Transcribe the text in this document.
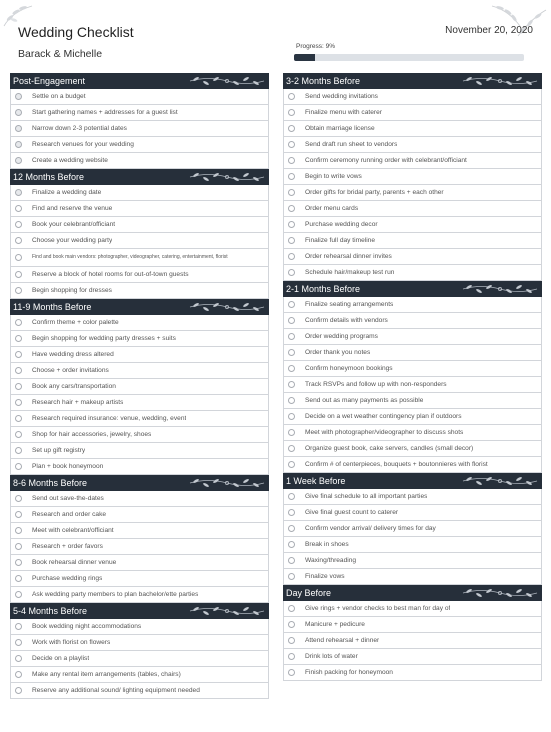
Wedding Checklist
Barack & Michelle
November 20, 2020
Progress: 9%
Post-Engagement
Settle on a budget
Start gathering names + addresses for a guest list
Narrow down 2-3 potential dates
Research venues for your wedding
Create a wedding website
12 Months Before
Finalize a wedding date
Find and reserve the venue
Book your celebrant/officiant
Choose your wedding party
Find and book main vendors: photographer, videographer, catering, entertainment, florist
Reserve a block of hotel rooms for out-of-town guests
Begin shopping for dresses
11-9 Months Before
Confirm theme + color palette
Begin shopping for wedding party dresses + suits
Have wedding dress altered
Choose + order invitations
Book any cars/transportation
Research hair + makeup artists
Research required insurance: venue, wedding, event
Shop for hair accessories, jewelry, shoes
Set up gift registry
Plan + book honeymoon
8-6 Months Before
Send out save-the-dates
Research and order cake
Meet with celebrant/officiant
Research + order favors
Book rehearsal dinner venue
Purchase wedding rings
Ask wedding party members to plan bachelor/ette parties
5-4 Months Before
Book wedding night accommodations
Work with florist on flowers
Decide on a playlist
Make any rental item arrangements (tables, chairs)
Reserve any additional sound/ lighting equipment needed
3-2 Months Before
Send wedding invitations
Finalize menu with caterer
Obtain marriage license
Send draft run sheet to vendors
Confirm ceremony running order with celebrant/officiant
Begin to write vows
Order gifts for bridal party, parents + each other
Order menu cards
Purchase wedding decor
Finalize full day timeline
Order rehearsal dinner invites
Schedule hair/makeup test run
2-1 Months Before
Finalize seating arrangements
Confirm details with vendors
Order wedding programs
Order thank you notes
Confirm honeymoon bookings
Track RSVPs and follow up with non-responders
Send out as many payments as possible
Decide on a wet weather contingency plan if outdoors
Meet with photographer/videographer to discuss shots
Organize guest book, cake servers, candles (small decor)
Confirm # of centerpieces, bouquets + boutonnieres with florist
1 Week Before
Give final schedule to all important parties
Give final guest count to caterer
Confirm vendor arrival/ delivery times for day
Break in shoes
Waxing/threading
Finalize vows
Day Before
Give rings + vendor checks to best man for day of
Manicure + pedicure
Attend rehearsal + dinner
Drink lots of water
Finish packing for honeymoon
